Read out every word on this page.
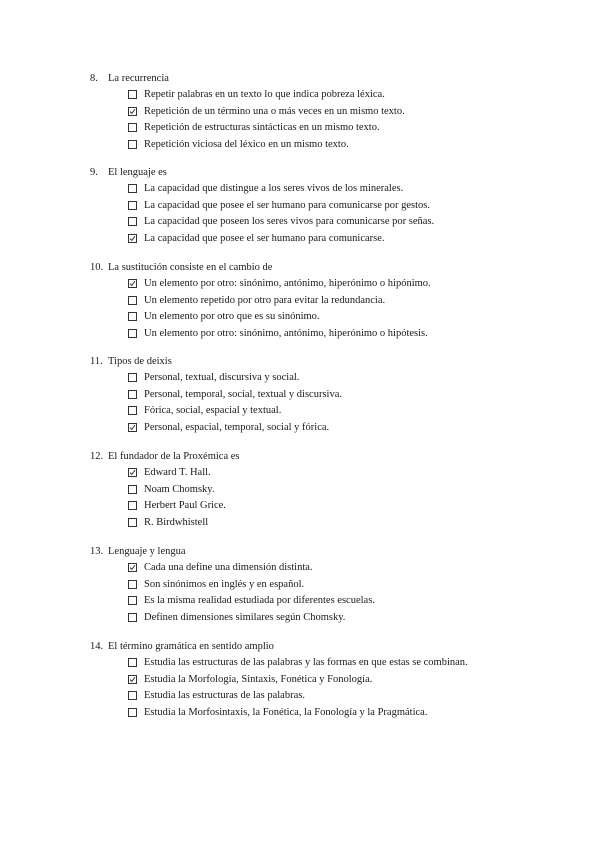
8. La recurrencia
Repetir palabras en un texto lo que indica pobreza léxica.
Repetición de un término una o más veces en un mismo texto.
Repetición de estructuras sintácticas en un mismo texto.
Repetición viciosa del léxico en un mismo texto.
9. El lenguaje es
La capacidad que distingue a los seres vivos de los minerales.
La capacidad que posee el ser humano para comunicarse por gestos.
La capacidad que poseen los seres vivos para comunicarse por señas.
La capacidad que posee el ser humano para comunicarse.
10. La sustitución consiste en el cambio de
Un elemento por otro: sinónimo, antónimo, hiperónimo o hipónimo.
Un elemento repetido por otro para evitar la redundancia.
Un elemento por otro que es su sinónimo.
Un elemento por otro: sinónimo, antónimo, hiperónimo o hipótesis.
11. Tipos de deixis
Personal, textual, discursiva y social.
Personal, temporal, social, textual y discursiva.
Fórica, social, espacial y textual.
Personal, espacial, temporal, social y fórica.
12. El fundador de la Proxémica es
Edward T. Hall.
Noam Chomsky.
Herbert Paul Grice.
R. Birdwhistell
13. Lenguaje y lengua
Cada una define una dimensión distinta.
Son sinónimos en inglés y en español.
Es la misma realidad estudiada por diferentes escuelas.
Definen dimensiones similares según Chomsky.
14. El término gramática en sentido amplio
Estudia las estructuras de las palabras y las formas en que estas se combinan.
Estudia la Morfología, Sintaxis, Fonética y Fonología.
Estudia las estructuras de las palabras.
Estudia la Morfosintaxis, la Fonética, la Fonología y la Pragmática.
